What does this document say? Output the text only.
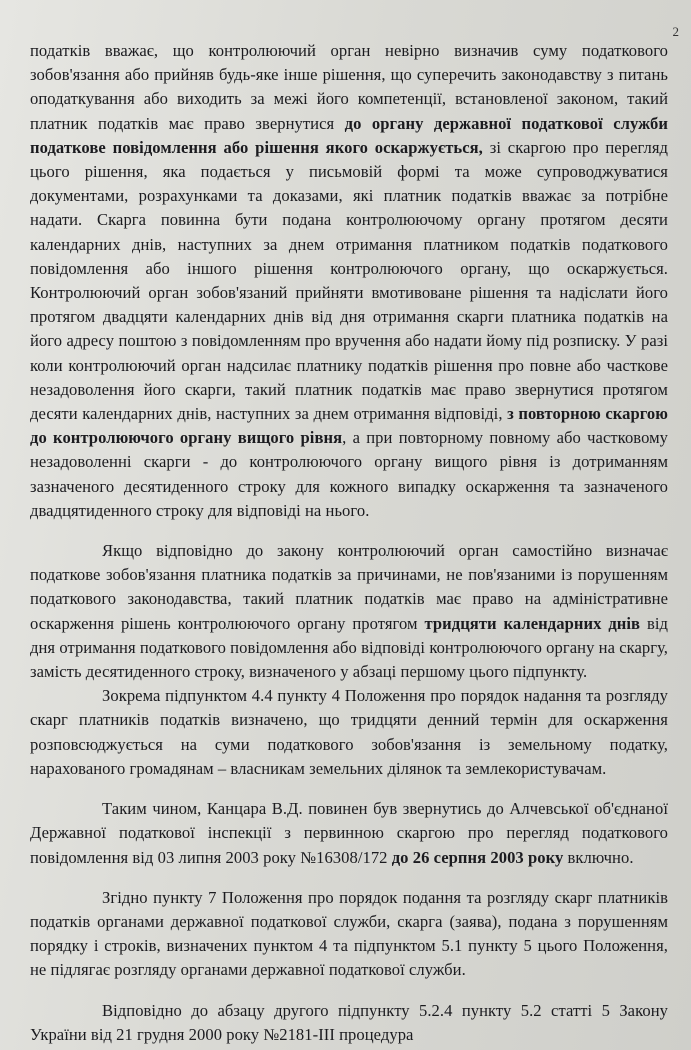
2

податків вважає, що контролюючий орган невірно визначив суму податкового зобов'язання або прийняв будь-яке інше рішення, що суперечить законодавству з питань оподаткування або виходить за межі його компетенції, встановленої законом, такий платник податків має право звернутися до органу державної податкової служби податкове повідомлення або рішення якого оскаржується, зі скаргою про перегляд цього рішення, яка подається у письмовій формі та може супроводжуватися документами, розрахунками та доказами, які платник податків вважає за потрібне надати. Скарга повинна бути подана контролюючому органу протягом десяти календарних днів, наступних за днем отримання платником податків податкового повідомлення або іншого рішення контролюючого органу, що оскаржується. Контролюючий орган зобов'язаний прийняти вмотивоване рішення та надіслати його протягом двадцяти календарних днів від дня отримання скарги платника податків на його адресу поштою з повідомленням про вручення або надати йому під розписку. У разі коли контролюючий орган надсилає платнику податків рішення про повне або часткове незадоволення його скарги, такий платник податків має право звернутися протягом десяти календарних днів, наступних за днем отримання відповіді, з повторною скаргою до контролюючого органу вищого рівня, а при повторному повному або частковому незадоволенні скарги - до контролюючого органу вищого рівня із дотриманням зазначеного десятиденного строку для кожного випадку оскарження та зазначеного двадцятиденного строку для відповіді на нього.

Якщо відповідно до закону контролюючий орган самостійно визначає податкове зобов'язання платника податків за причинами, не пов'язаними із порушенням податкового законодавства, такий платник податків має право на адміністративне оскарження рішень контролюючого органу протягом тридцяти календарних днів від дня отримання податкового повідомлення або відповіді контролюючого органу на скаргу, замість десятиденного строку, визначеного у абзаці першому цього підпункту.

Зокрема підпунктом 4.4 пункту 4 Положення про порядок надання та розгляду скарг платників податків визначено, що тридцяти денний термін для оскарження розповсюджується на суми податкового зобов'язання із земельному податку, нарахованого громадянам – власникам земельних ділянок та землекористувачам.

Таким чином, Канцара В.Д. повинен був звернутись до Алчевської об'єднаної Державної податкової інспекції з первинною скаргою про перегляд податкового повідомлення від 03 липня 2003 року №16308/172 до 26 серпня 2003 року включно.

Згідно пункту 7 Положення про порядок подання та розгляду скарг платників податків органами державної податкової служби, скарга (заява), подана з порушенням порядку і строків, визначених пунктом 4 та підпунктом 5.1 пункту 5 цього Положення, не підлягає розгляду органами державної податкової служби.

Відповідно до абзацу другого підпункту 5.2.4 пункту 5.2 статті 5 Закону України від 21 грудня 2000 року №2181-III процедура
